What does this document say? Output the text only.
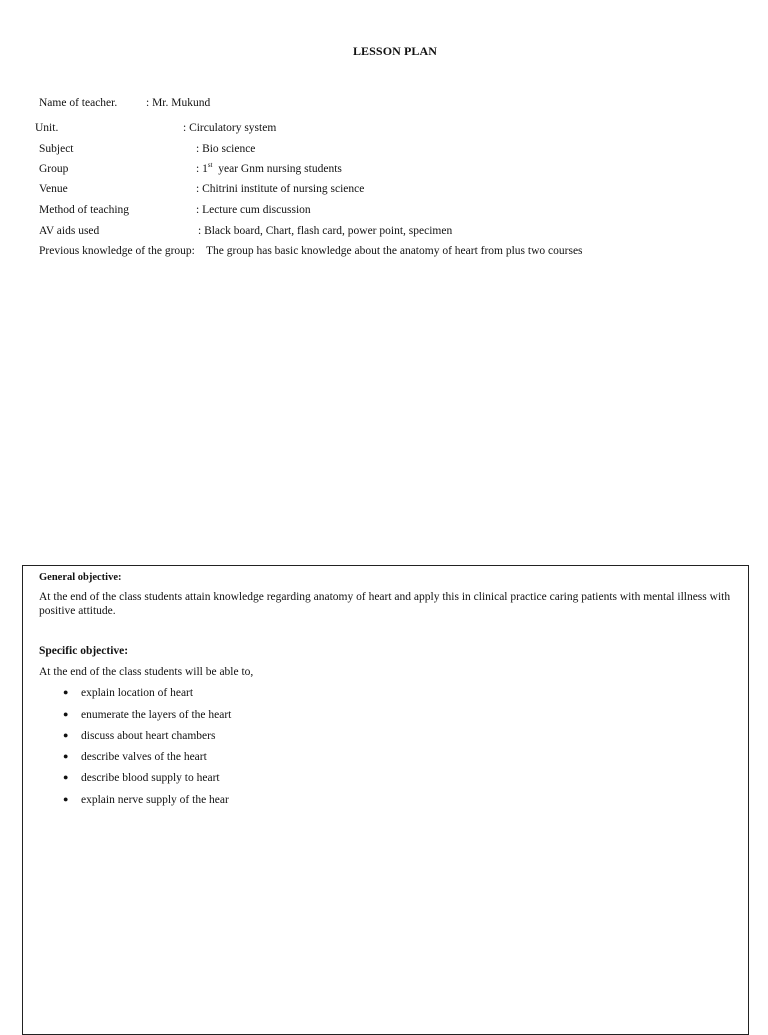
LESSON PLAN
Name of teacher.	: Mr. Mukund
Unit.	: Circulatory system
Subject	: Bio science
Group	: 1st  year Gnm nursing students
Venue	: Chitrini institute of nursing science
Method of teaching	: Lecture cum discussion
AV aids used	: Black board, Chart, flash card, power point, specimen
Previous knowledge of the group: The group has basic knowledge about the anatomy of heart from plus two courses
General objective:
At the end of the class students attain knowledge regarding anatomy of heart and apply this in clinical practice caring patients with mental illness with positive attitude.
Specific objective:
At the end of the class students will be able to,
● explain location of heart
● enumerate the layers of the heart
● discuss about heart chambers
● describe valves of the heart
● describe blood supply to heart
● explain nerve supply of the hear
